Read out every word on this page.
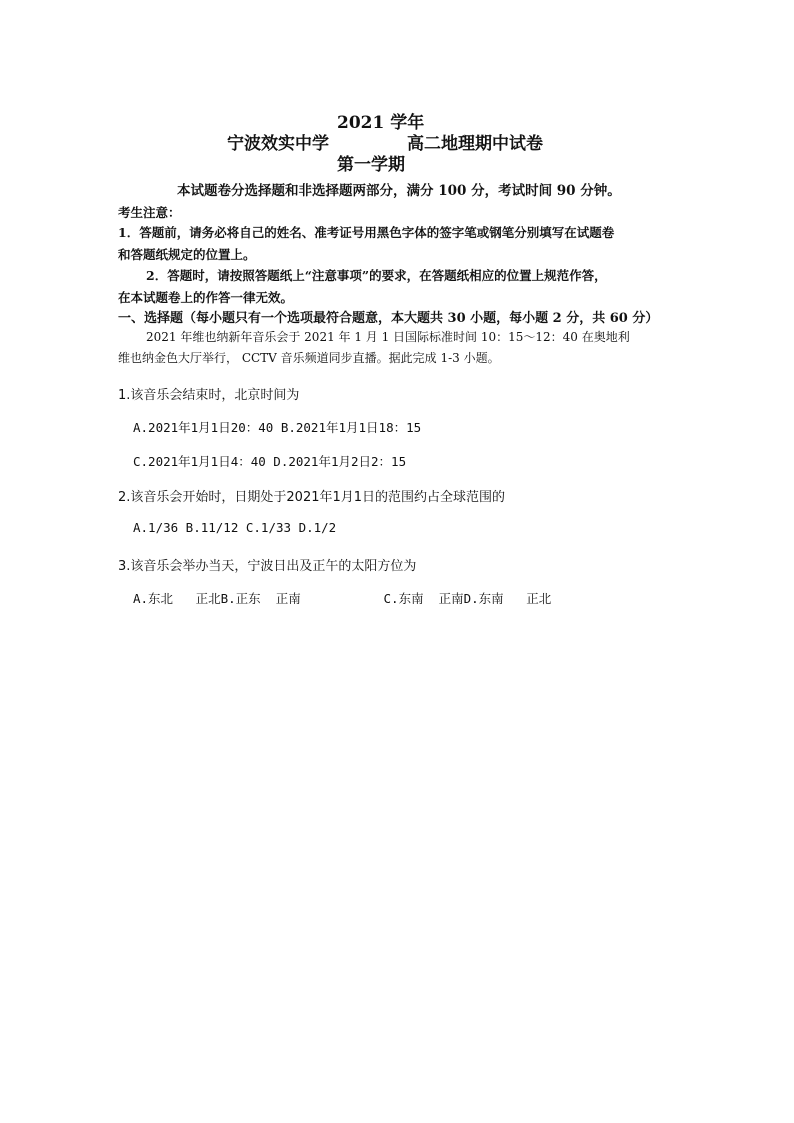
2021 学年
宁波效实中学	高二地理期中试卷
第一学期
本试题卷分选择题和非选择题两部分，满分 100 分，考试时间 90 分钟。
考生注意：
1．答题前，请务必将自己的姓名、准考证号用黑色字体的签字笔或钢笔分别填写在试题卷
和答题纸规定的位置上。
2．答题时，请按照答题纸上“注意事项”的要求，在答题纸相应的位置上规范作答，
在本试题卷上的作答一律无效。
一、选择题（每小题只有一个选项最符合题意，本大题共 30 小题，每小题 2 分，共 60 分）
2021 年维也纳新年音乐会于 2021 年 1 月 1 日国际标准时间 10：15～12：40 在奥地利
维也纳金色大厅举行， CCTV 音乐频道同步直播。据此完成 1-3 小题。
1.该音乐会结束时，北京时间为
A.2021年1月1日20：40 B.2021年1月1日18：15
C.2021年1月1日4：40 D.2021年1月2日2：15
2.该音乐会开始时，日期处于2021年1月1日的范围约占全球范围的
A.1/36 B.11/12 C.1/33 D.1/2
3.该音乐会举办当天，宁波日出及正午的太阳方位为
A.东北   正北B.正东  正南           C.东南  正南D.东南   正北
